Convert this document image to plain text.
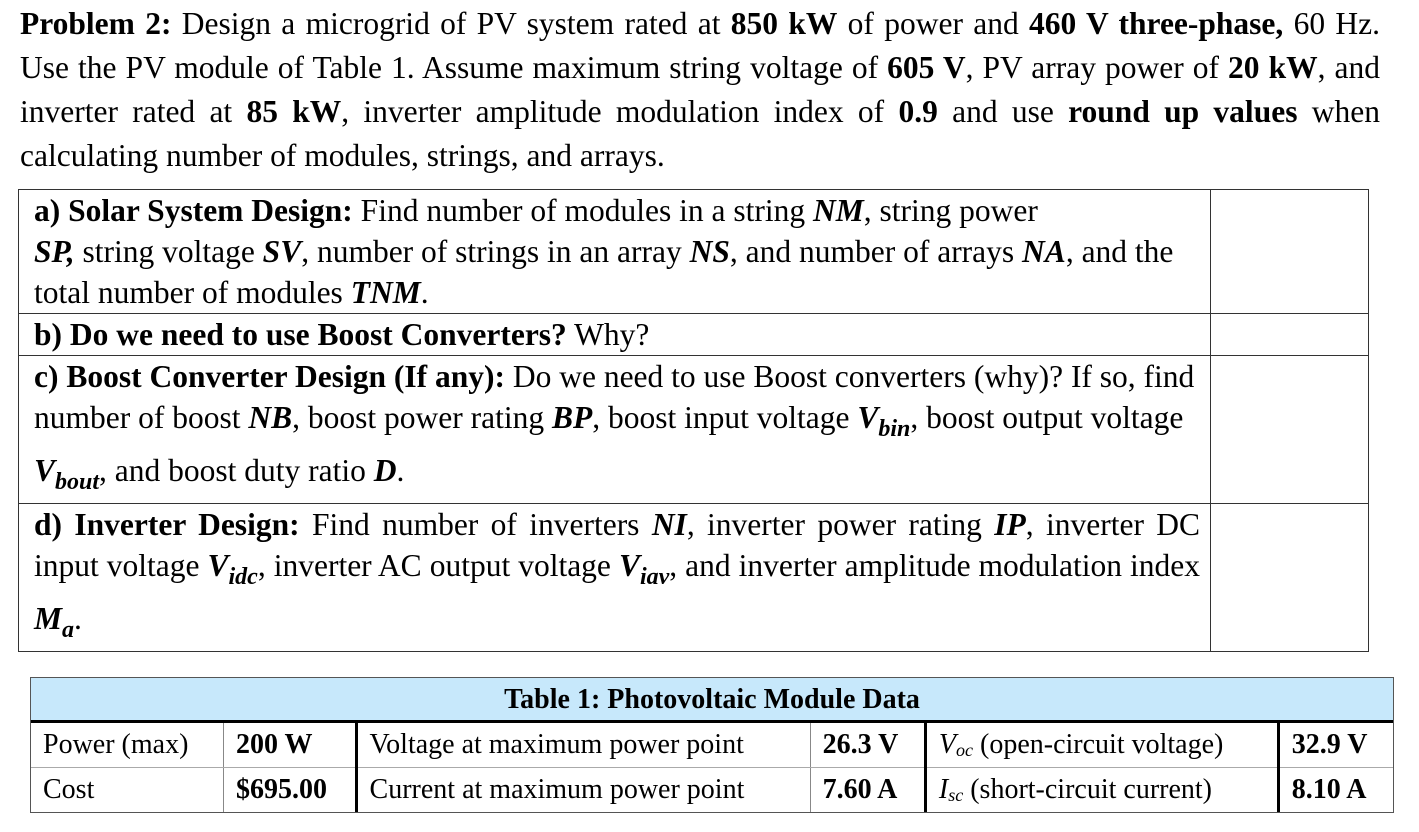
Problem 2: Design a microgrid of PV system rated at 850 kW of power and 460 V three-phase, 60 Hz. Use the PV module of Table 1. Assume maximum string voltage of 605 V, PV array power of 20 kW, and inverter rated at 85 kW, inverter amplitude modulation index of 0.9 and use round up values when calculating number of modules, strings, and arrays.
a) Solar System Design: Find number of modules in a string NM, string power
SP, string voltage SV, number of strings in an array NS, and number of arrays NA, and the total number of modules TNM.	
b) Do we need to use Boost Converters? Why?	
c) Boost Converter Design (If any): Do we need to use Boost converters (why)? If so, find number of boost NB, boost power rating BP, boost input voltage $V_{bin}$, boost output voltage $V_{bout}$, and boost duty ratio D.	
d) Inverter Design: Find number of inverters NI, inverter power rating IP, inverter DC input voltage $V_{idc}$, inverter AC output voltage $V_{iav}$, and inverter amplitude modulation index $M_a$.	
Table 1: Photovoltaic Module Data
Power (max)	200 W	Voltage at maximum power point	26.3 V	Voc (open-circuit voltage)	32.9 V
Cost	$695.00	Current at maximum power point	7.60 A	Isc (short-circuit current)	8.10 A
